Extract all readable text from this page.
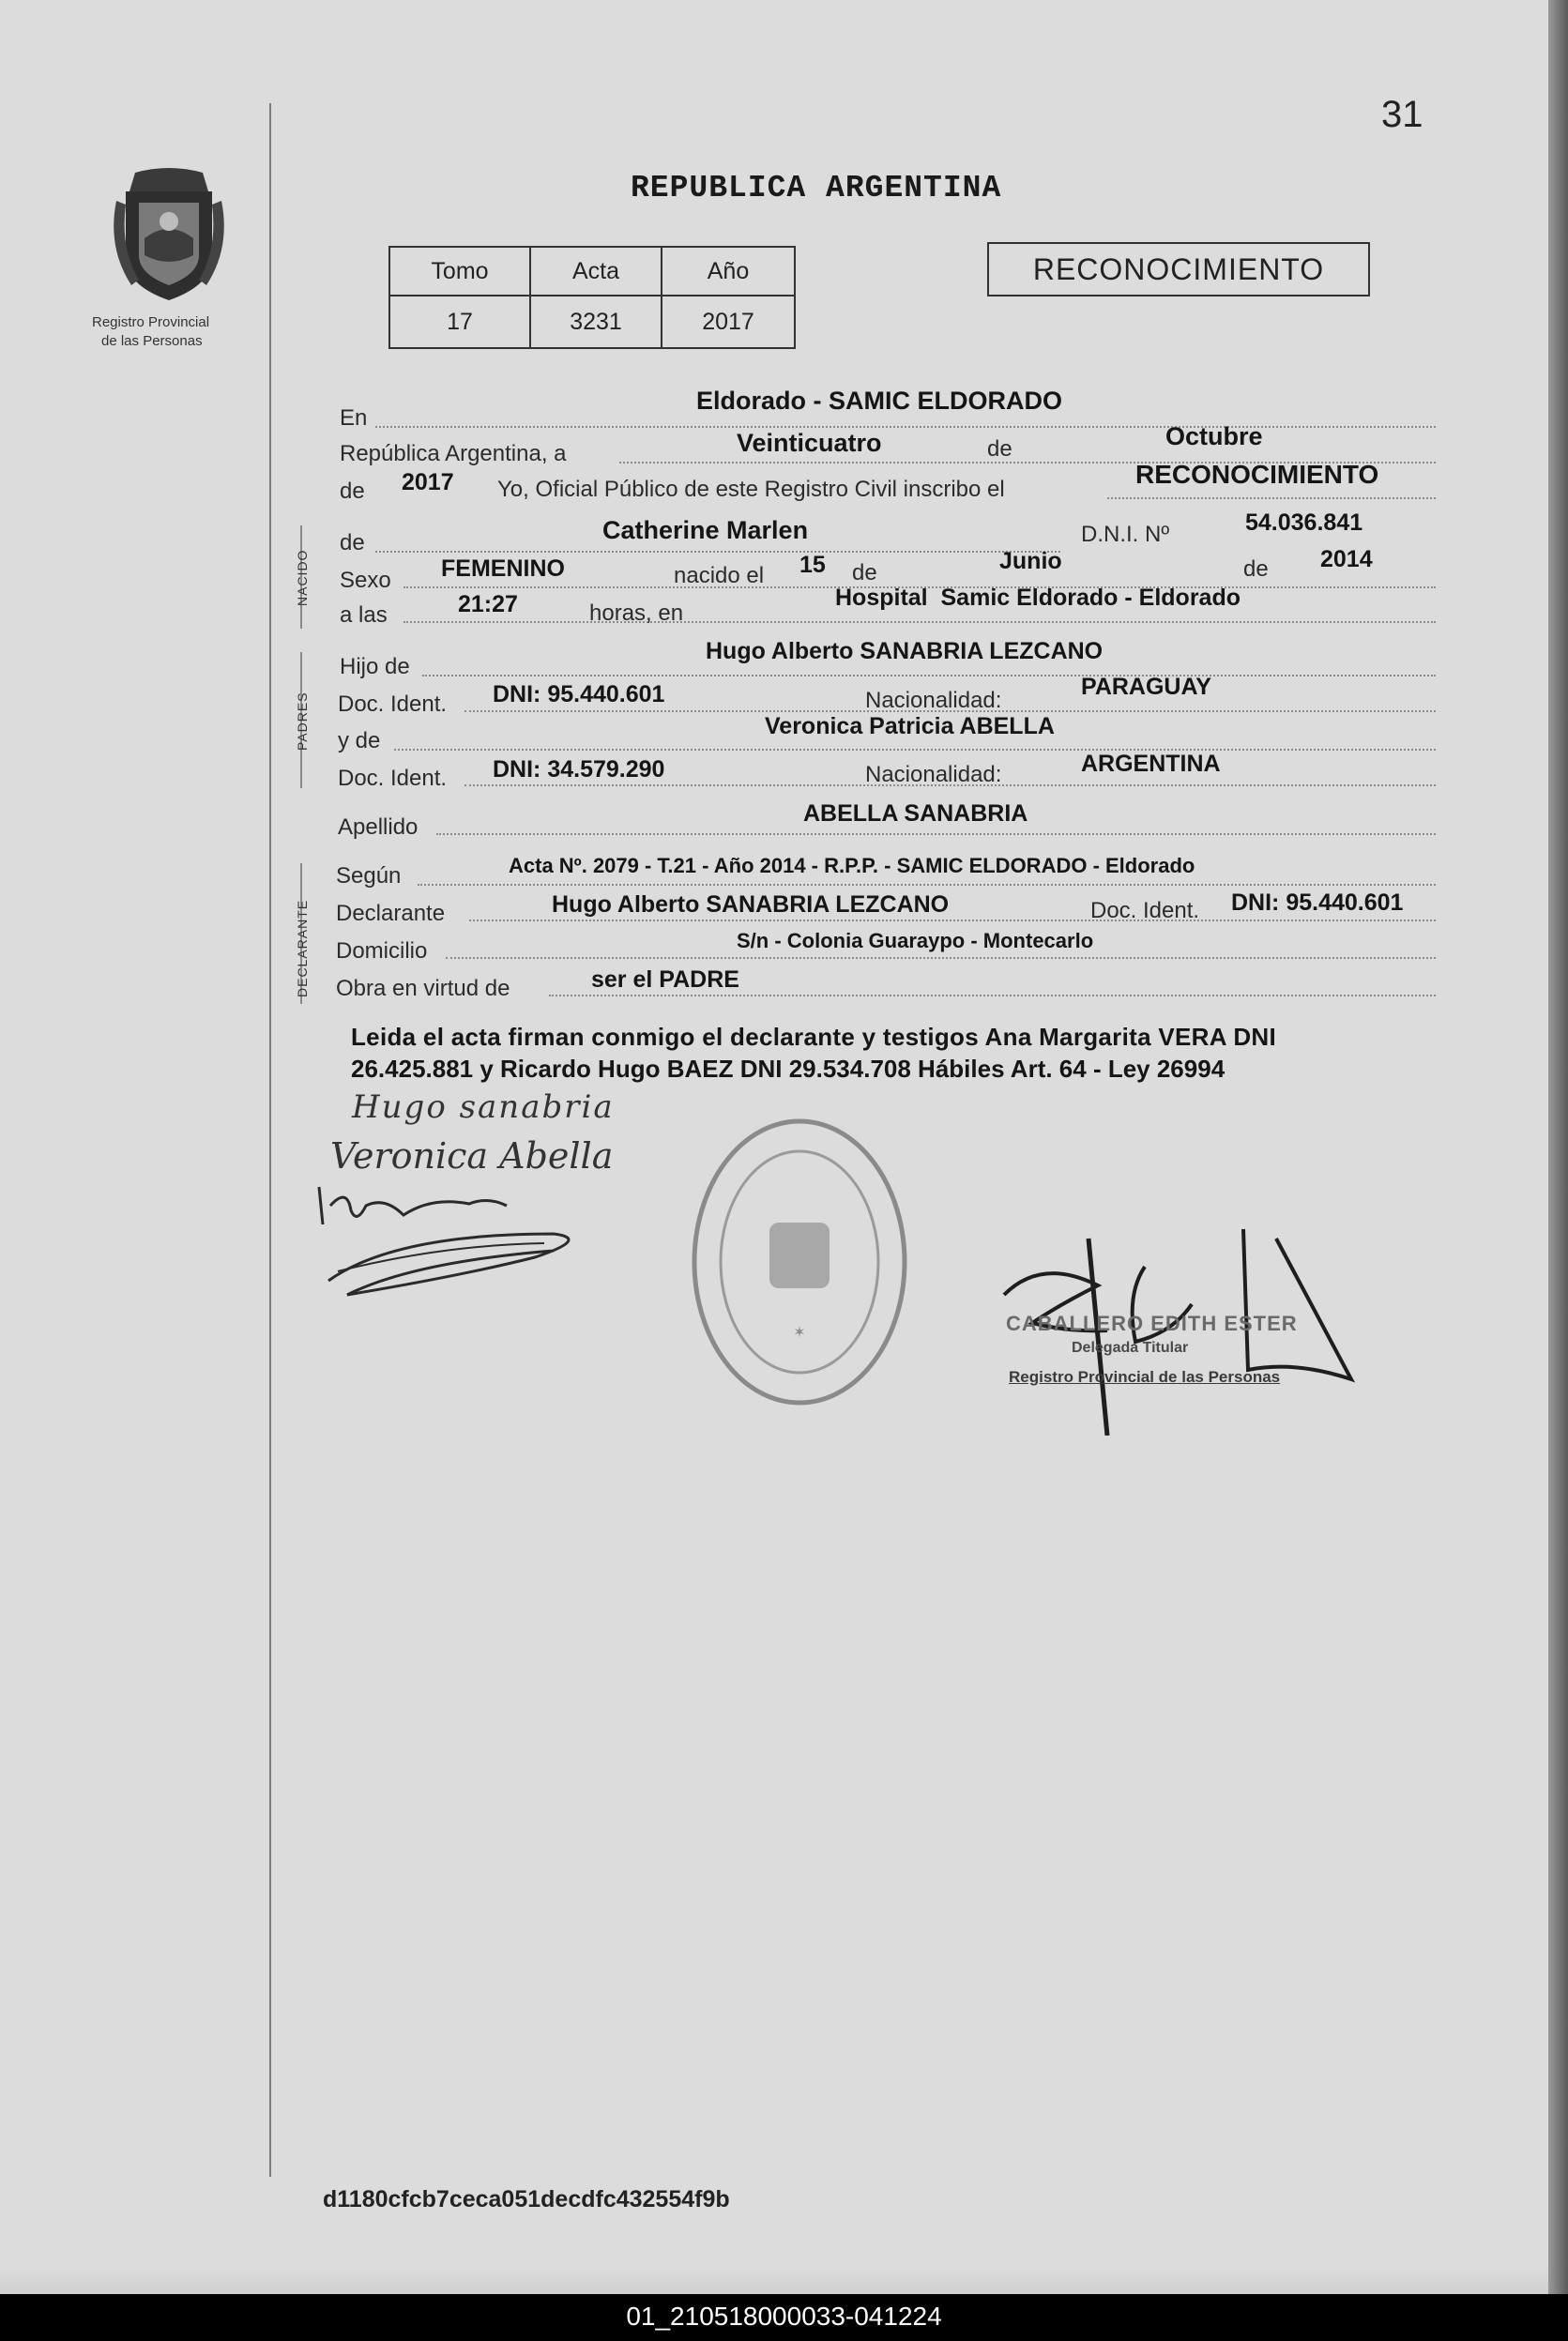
31
Registro Provincial
de las Personas
REPUBLICA ARGENTINA
Tomo	Acta	Año
17	3231	2017
RECONOCIMIENTO
En
Eldorado - SAMIC ELDORADO
República Argentina, a	Veinticuatro	de	Octubre
de 2017 Yo, Oficial Público de este Registro Civil inscribo el
RECONOCIMIENTO
NACIDO
de	Catherine Marlen	D.N.I. Nº	54.036.841
Sexo FEMENINO	nacido el 15 de	Junio	de 2014
a las	21:27	horas, en
Hospital  Samic Eldorado - Eldorado
PADRES
Hijo de
Hugo Alberto SANABRIA LEZCANO
Doc. Ident. DNI: 95.440.601	Nacionalidad:
PARAGUAY
y de
Veronica Patricia ABELLA
Doc. Ident. DNI: 34.579.290	Nacionalidad:	ARGENTINA
Apellido
ABELLA SANABRIA
DECLARANTE
Según	Acta Nº. 2079 - T.21 - Año 2014 - R.P.P. - SAMIC ELDORADO - Eldorado
Declarante	Hugo Alberto SANABRIA LEZCANO	Doc. Ident. DNI: 95.440.601
Domicilio	S/n - Colonia Guaraypo - Montecarlo
Obra en virtud de	ser el PADRE
Leida el acta firman conmigo el declarante y testigos Ana Margarita VERA DNI
26.425.881 y Ricardo Hugo BAEZ DNI 29.534.708 Hábiles Art. 64 - Ley 26994
Hugo sanabria
Veronica Abella
✶	CABALLERO EDITH ESTER
Delegada Titular
Registro Provincial de las Personas
d1180cfcb7ceca051decdfc432554f9b
01_210518000033-041224
